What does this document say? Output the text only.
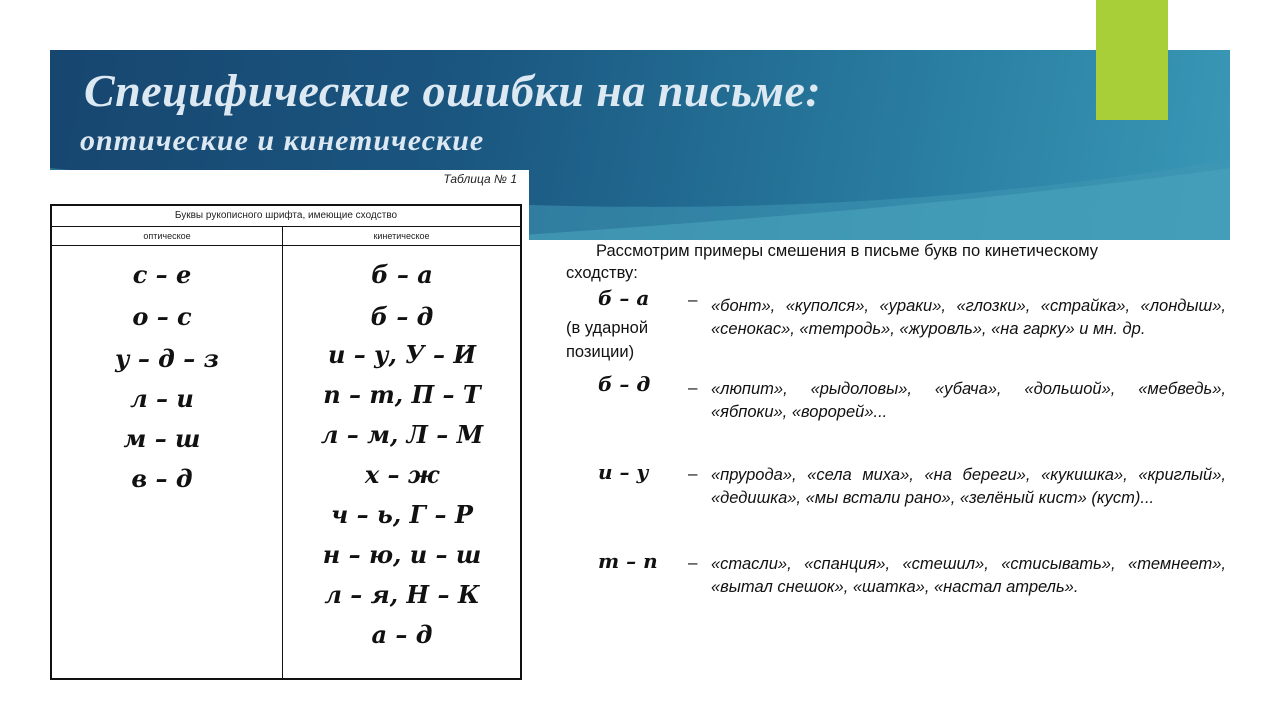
Специфические ошибки на письме:
оптические и кинетические
Таблица № 1
Буквы рукописного шрифта, имеющие сходство
оптическое	кинетическое
с – е
о – с
у – д – з
л – и
м – ш
в – д
б – а
б – д
и – у, У – И
п – т, П – Т
л – м, Л – М
х – ж
ч – ь, Г – Р
н – ю, и – ш
л – я, Н – К
а – д
Рассмотрим примеры смешения в письме букв по кинетическому
сходству:
б – а –
(в ударной
позиции)
«бонт», «куполся», «ураки», «глозки», «страйка», «лондыш», «сенокас», «тетродь», «журовль», «на гарку» и мн. др.
б – д – «люпит», «рыдоловы», «убача», «дольшой», «мебведь», «ябпоки», «ворорей»...
и – у – «прурода», «села миха», «на береги», «кукишка», «криглый», «дедишка», «мы встали рано», «зелёный кист» (куст)...
т – п – «стасли», «спанция», «стешил», «стисывать», «темнеет», «вытал снешок», «шатка», «настал атрель».
